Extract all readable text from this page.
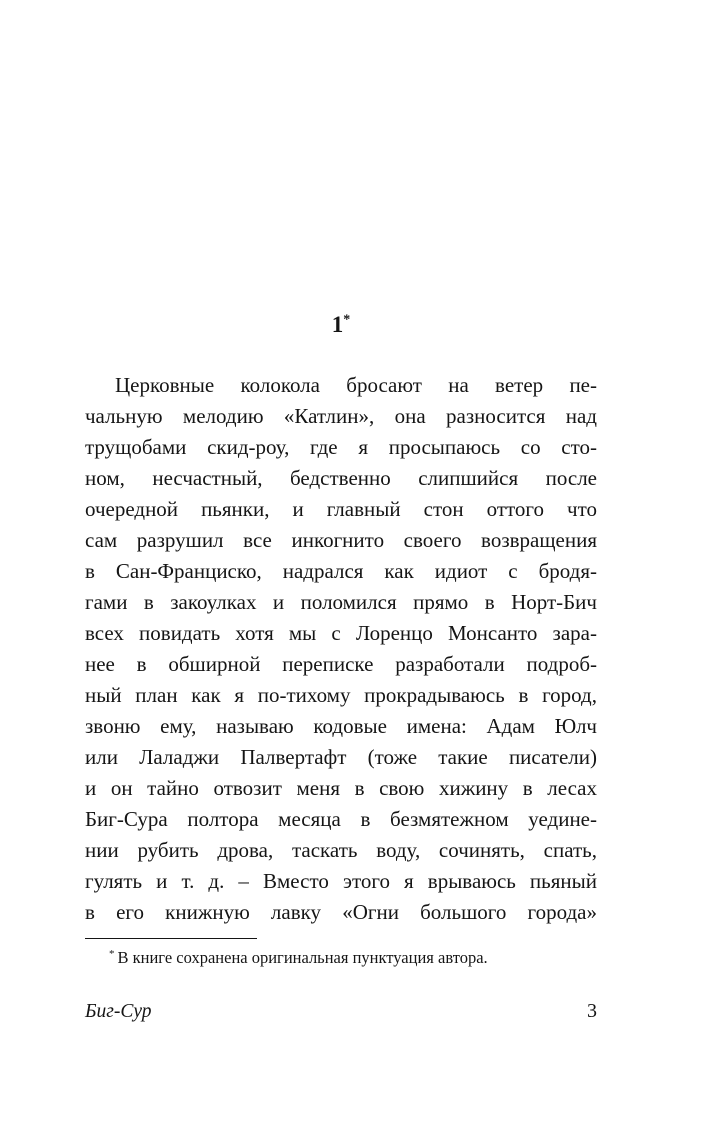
1*
Церковные колокола бросают на ветер пе-
чальную мелодию «Катлин», она разносится над
трущобами скид-роу, где я просыпаюсь со сто-
ном, несчастный, бедственно слипшийся после
очередной пьянки, и главный стон оттого что
сам разрушил все инкогнито своего возвращения
в Сан-Франциско, надрался как идиот с бродя-
гами в закоулках и поломился прямо в Норт-Бич
всех повидать хотя мы с Лоренцо Монсанто зара-
нее в обширной переписке разработали подроб-
ный план как я по-тихому прокрадываюсь в город,
звоню ему, называю кодовые имена: Адам Юлч
или Лаладжи Палвертафт (тоже такие писатели)
и он тайно отвозит меня в свою хижину в лесах
Биг-Сура полтора месяца в безмятежном уедине-
нии рубить дрова, таскать воду, сочинять, спать,
гулять и т. д. – Вместо этого я врываюсь пьяный
в его книжную лавку «Огни большого города»
* В книге сохранена оригинальная пунктуация автора.
Биг-Сур	3
